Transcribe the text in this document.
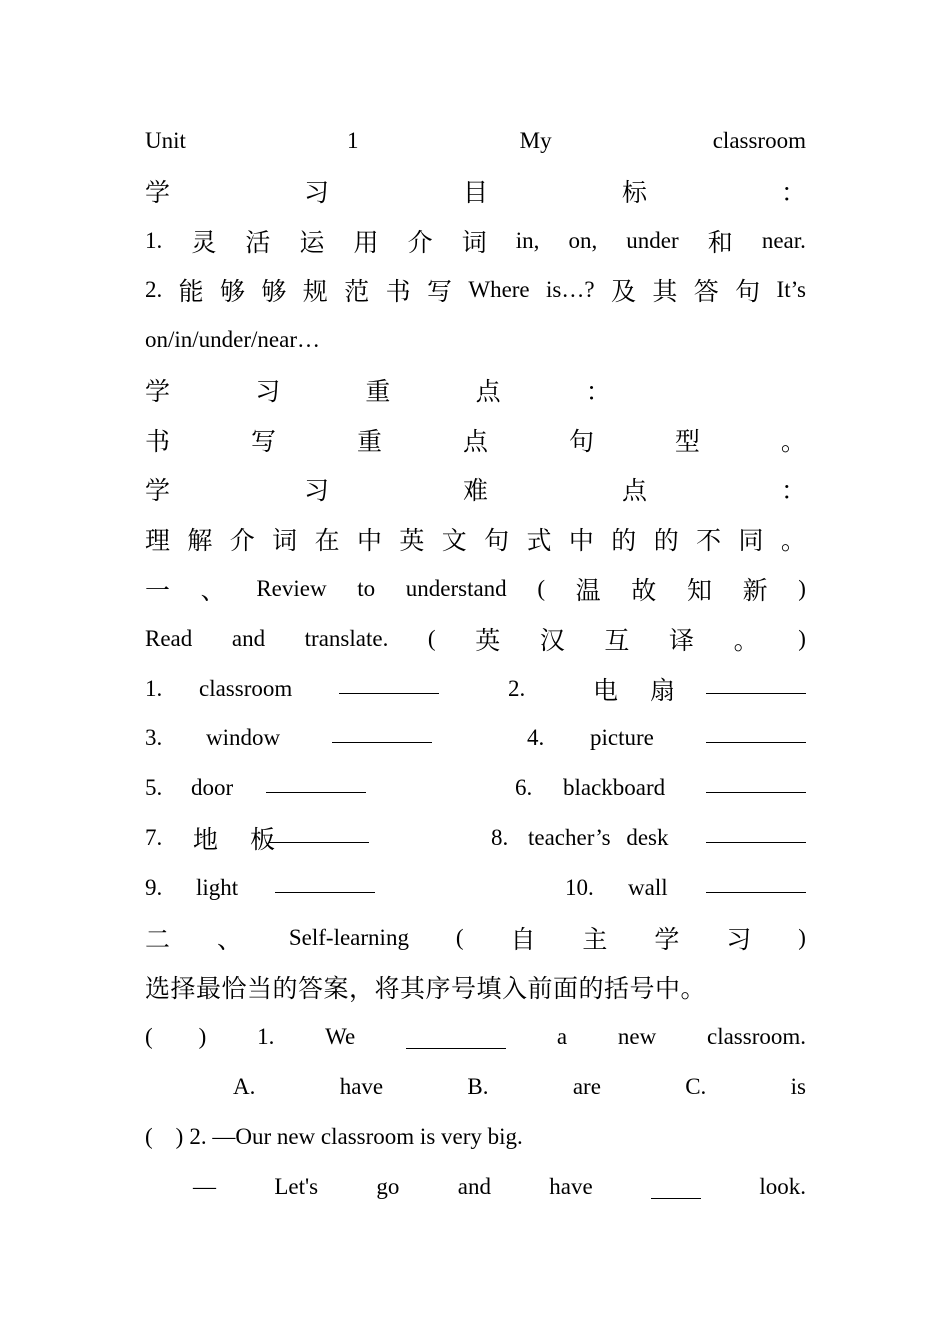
Unit	1	My	classroom
学	习	目	标	：
1. 灵 活 运 用 介 词 in, on, under 和 near.
2. 能 够 够 规 范 书 写 Where is…? 及 其 答 句 It’s
on/in/under/near…
学	习	重	点	：
书	写	重	点	句	型	。
学	习	难	点	：
理 解 介 词 在 中 英 文 句 式 中 的 的 不 同 。
一 、 Review to understand ( 温 故 知 新 )
Read and translate. ( 英 汉 互 译 。 )
1. classroom	2.	电 扇
3. window	4. picture
5. door	6. blackboard
7. 地 板	8. teacher’s desk
9. light	10. wall
二 、 Self-learning ( 自 主 学 习 )
选择最恰当的答案，将其序号填入前面的括号中。
(        ) 1. We	a new classroom.
A.	have	B.	are	C.	is
(    ) 2. —Our new classroom is very big.
—	Let's	go	and	have	look.
